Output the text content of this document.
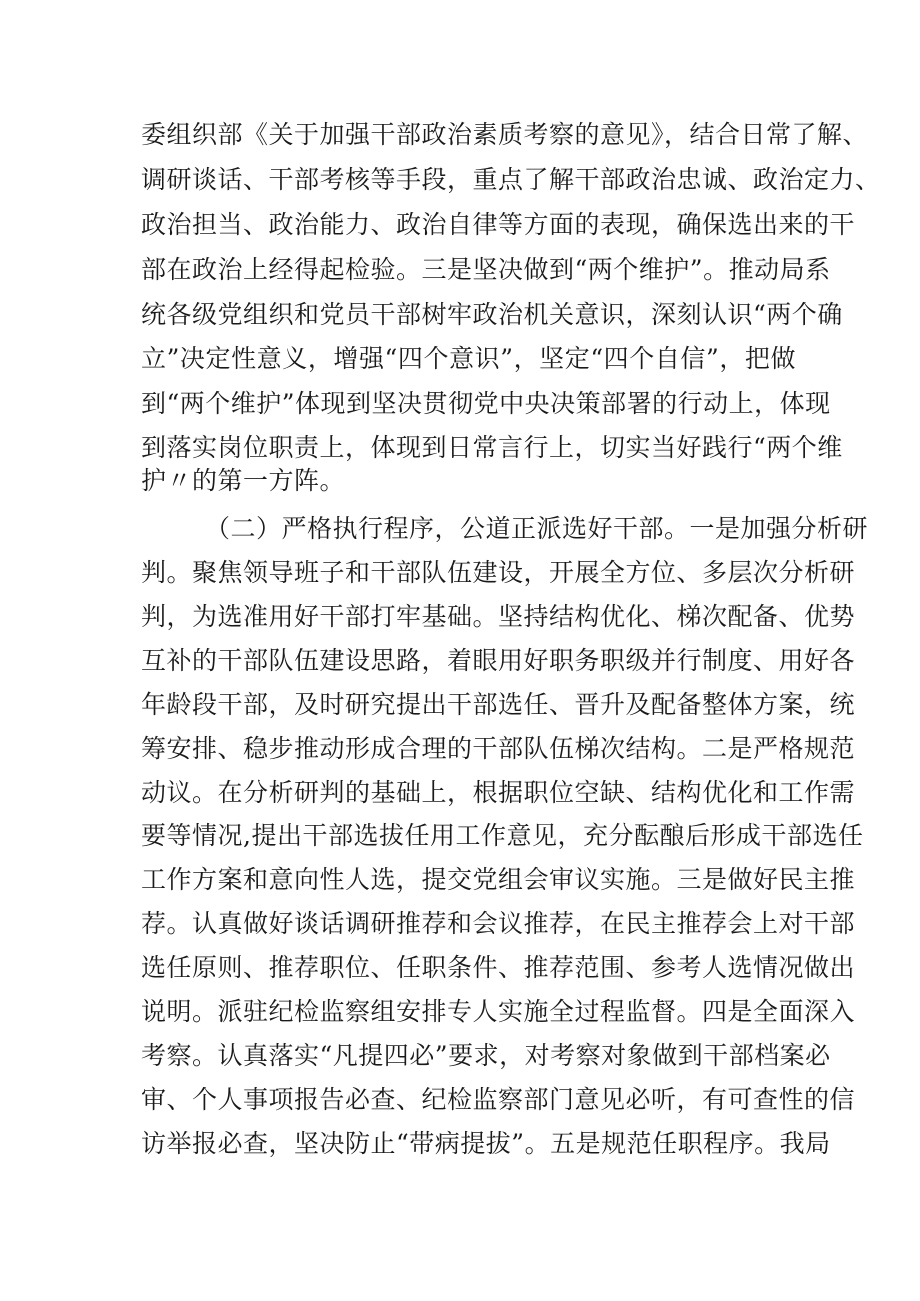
委组织部《关于加强干部政治素质考察的意见》，结合日常了解、
调研谈话、干部考核等手段，重点了解干部政治忠诚、政治定力、
政治担当、政治能力、政治自律等方面的表现，确保选出来的干
部在政治上经得起检验。三是坚决做到“两个维护”。推动局系
统各级党组织和党员干部树牢政治机关意识，深刻认识“两个确
立”决定性意义，增强“四个意识”，坚定“四个自信”，把做
到“两个维护”体现到坚决贯彻党中央决策部署的行动上，体现
到落实岗位职责上，体现到日常言行上，切实当好践行“两个维
护〃的第一方阵。
（二）严格执行程序，公道正派选好干部。一是加强分析研
判。聚焦领导班子和干部队伍建设，开展全方位、多层次分析研
判，为选准用好干部打牢基础。坚持结构优化、梯次配备、优势
互补的干部队伍建设思路，着眼用好职务职级并行制度、用好各
年龄段干部，及时研究提出干部选任、晋升及配备整体方案，统
筹安排、稳步推动形成合理的干部队伍梯次结构。二是严格规范
动议。在分析研判的基础上，根据职位空缺、结构优化和工作需
要等情况,提出干部选拔任用工作意见，充分酝酿后形成干部选任
工作方案和意向性人选，提交党组会审议实施。三是做好民主推
荐。认真做好谈话调研推荐和会议推荐，在民主推荐会上对干部
选任原则、推荐职位、任职条件、推荐范围、参考人选情况做出
说明。派驻纪检监察组安排专人实施全过程监督。四是全面深入
考察。认真落实“凡提四必”要求，对考察对象做到干部档案必
审、个人事项报告必查、纪检监察部门意见必听，有可查性的信
访举报必查，坚决防止“带病提拔”。五是规范任职程序。我局
